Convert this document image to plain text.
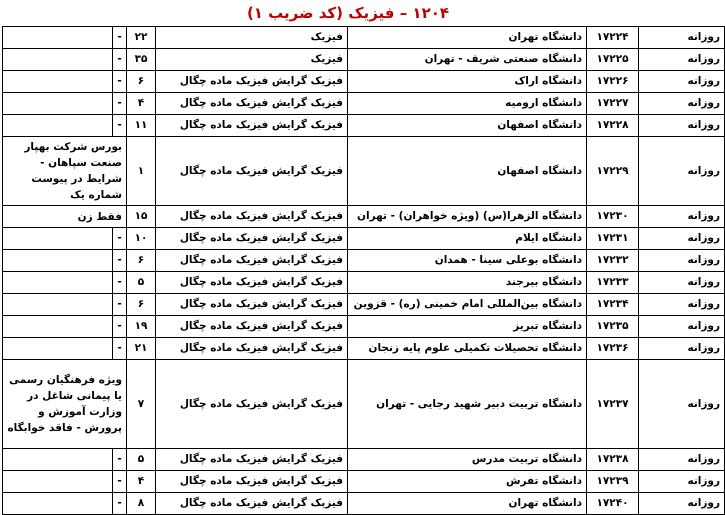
۱۲۰۴ – فیزیک (کد ضریب ۱)
روزانه	۱۷۲۲۴	دانشگاه تهران	فیزیک	۲۲	-	
روزانه	۱۷۲۲۵	دانشگاه صنعتی شریف - تهران	فیزیک	۳۵	-	
روزانه	۱۷۲۲۶	دانشگاه اراک	فیزیک گرایش فیزیک ماده چگال	۶	-	
روزانه	۱۷۲۲۷	دانشگاه ارومیه	فیزیک گرایش فیزیک ماده چگال	۴	-	
روزانه	۱۷۲۲۸	دانشگاه اصفهان	فیزیک گرایش فیزیک ماده چگال	۱۱	-	
روزانه	۱۷۲۲۹	دانشگاه اصفهان	فیزیک گرایش فیزیک ماده چگال	۱	بورس شرکت بهپار صنعت سپاهان - شرایط در پیوست شماره یک	
روزانه	۱۷۲۳۰	دانشگاه الزهرا(س) (ویژه خواهران) - تهران	فیزیک گرایش فیزیک ماده چگال	۱۵	فقط زن	
روزانه	۱۷۲۳۱	دانشگاه ایلام	فیزیک گرایش فیزیک ماده چگال	۱۰	-	
روزانه	۱۷۲۳۲	دانشگاه بوعلی سینا - همدان	فیزیک گرایش فیزیک ماده چگال	۶	-	
روزانه	۱۷۲۳۳	دانشگاه بیرجند	فیزیک گرایش فیزیک ماده چگال	۵	-	
روزانه	۱۷۲۳۴	دانشگاه بین‌المللی امام خمینی (ره) - قزوین	فیزیک گرایش فیزیک ماده چگال	۶	-	
روزانه	۱۷۲۳۵	دانشگاه تبریز	فیزیک گرایش فیزیک ماده چگال	۱۹	-	
روزانه	۱۷۲۳۶	دانشگاه تحصیلات تکمیلی علوم پایه زنجان	فیزیک گرایش فیزیک ماده چگال	۲۱	-	
روزانه	۱۷۲۳۷	دانشگاه تربیت دبیر شهید رجایی - تهران	فیزیک گرایش فیزیک ماده چگال	۷	ویژه فرهنگیان رسمی یا پیمانی شاغل در وزارت آموزش و پرورش - فاقد خوابگاه	
روزانه	۱۷۲۳۸	دانشگاه تربیت مدرس	فیزیک گرایش فیزیک ماده چگال	۵	-	
روزانه	۱۷۲۳۹	دانشگاه تفرش	فیزیک گرایش فیزیک ماده چگال	۴	-	
روزانه	۱۷۲۴۰	دانشگاه تهران	فیزیک گرایش فیزیک ماده چگال	۸	-	
